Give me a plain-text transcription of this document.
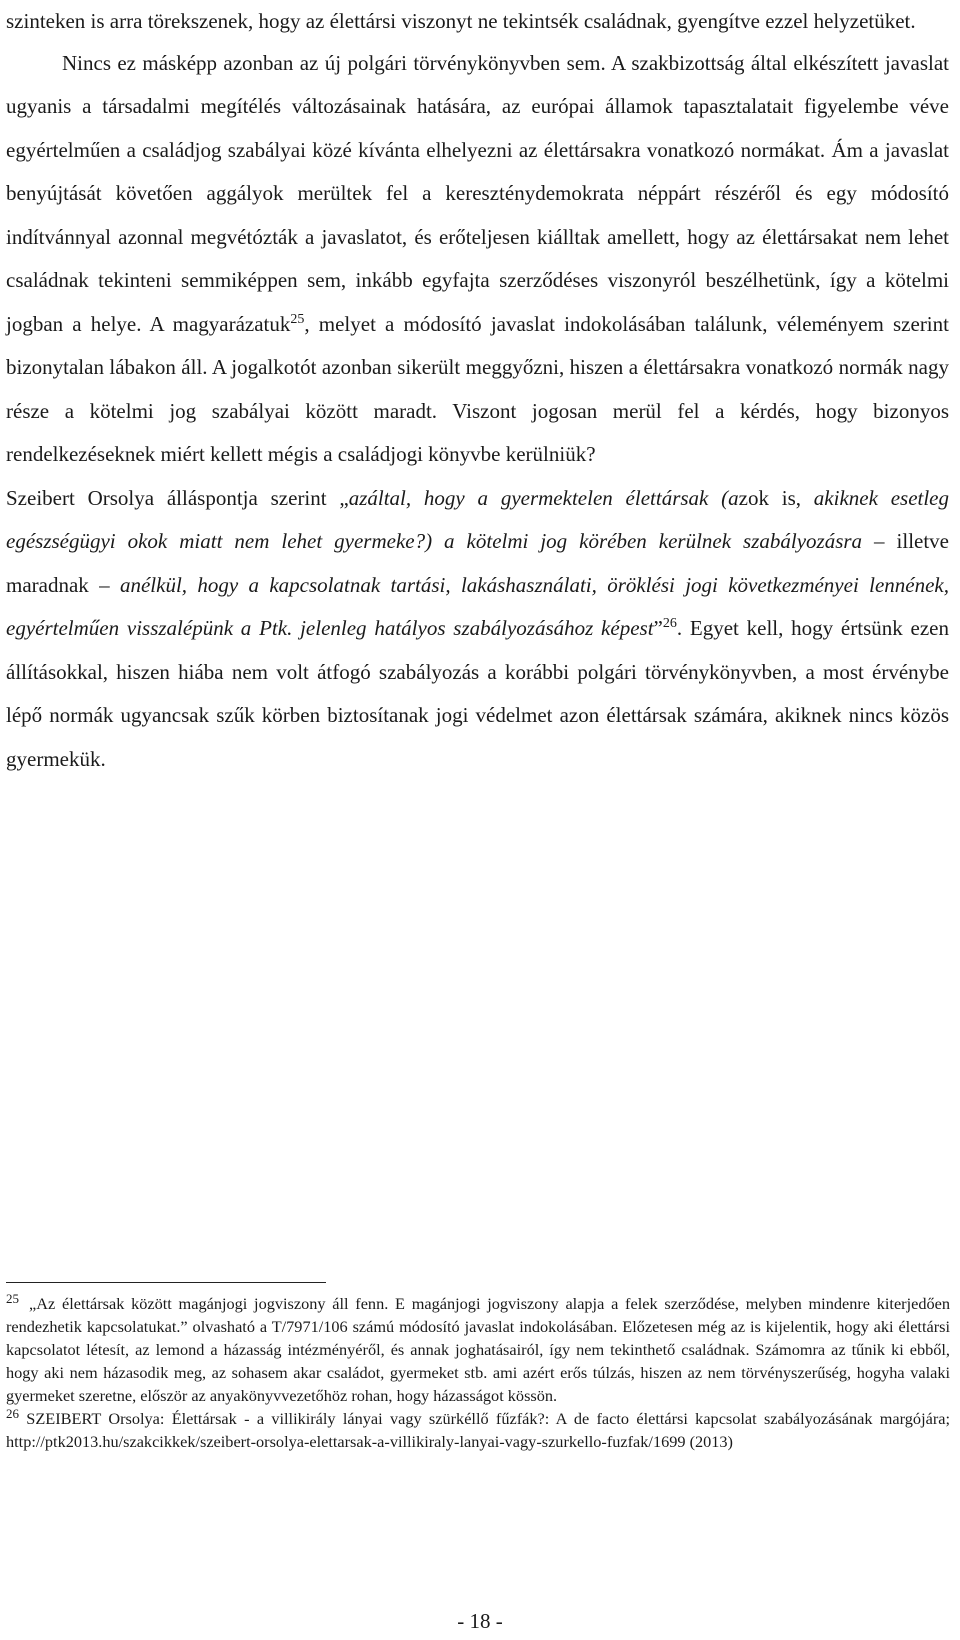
szinteken is arra törekszenek, hogy az élettársi viszonyt ne tekintsék családnak, gyengítve ezzel helyzetüket.

Nincs ez másképp azonban az új polgári törvénykönyvben sem. A szakbizottság által elkészített javaslat ugyanis a társadalmi megítélés változásainak hatására, az európai államok tapasztalatait figyelembe véve egyértelműen a családjog szabályai közé kívánta elhelyezni az élettársakra vonatkozó normákat. Ám a javaslat benyújtását követően aggályok merültek fel a kereszténydemokrata néppárt részéről és egy módosító indítvánnyal azonnal megvétózták a javaslatot, és erőteljesen kiálltak amellett, hogy az élettársakat nem lehet családnak tekinteni semmiképpen sem, inkább egyfajta szerződéses viszonyról beszélhetünk, így a kötelmi jogban a helye. A magyarázatuk$^{25}$, melyet a módosító javaslat indokolásában találunk, véleményem szerint bizonytalan lábakon áll. A jogalkotót azonban sikerült meggyőzni, hiszen a élettársakra vonatkozó normák nagy része a kötelmi jog szabályai között maradt. Viszont jogosan merül fel a kérdés, hogy bizonyos rendelkezéseknek miért kellett mégis a családjogi könyvbe kerülniük?

Szeibert Orsolya álláspontja szerint „azáltal, hogy a gyermektelen élettársak (azok is, akiknek esetleg egészségügyi okok miatt nem lehet gyermeke?) a kötelmi jog körében kerülnek szabályozásra – illetve maradnak – anélkül, hogy a kapcsolatnak tartási, lakáshasználati, öröklési jogi következményei lennének, egyértelműen visszalépünk a Ptk. jelenleg hatályos szabályozásához képest”$^{26}$. Egyet kell, hogy értsünk ezen állításokkal, hiszen hiába nem volt átfogó szabályozás a korábbi polgári törvénykönyvben, a most érvénybe lépő normák ugyancsak szűk körben biztosítanak jogi védelmet azon élettársak számára, akiknek nincs közös gyermekük.

$^{25}$ „Az élettársak között magánjogi jogviszony áll fenn. E magánjogi jogviszony alapja a felek szerződése, melyben mindenre kiterjedően rendezhetik kapcsolatukat.” olvasható a T/7971/106 számú módosító javaslat indokolásában. Előzetesen még az is kijelentik, hogy aki élettársi kapcsolatot létesít, az lemond a házasság intézményéről, és annak joghatásairól, így nem tekinthető családnak. Számomra az tűnik ki ebből, hogy aki nem házasodik meg, az sohasem akar családot, gyermeket stb. ami azért erős túlzás, hiszen az nem törvényszerűség, hogyha valaki gyermeket szeretne, először az anyakönyvvezetőhöz rohan, hogy házasságot kössön.

$^{26}$ SZEIBERT Orsolya: Élettársak - a villikirály lányai vagy szürkéllő fűzfák?: A de facto élettársi kapcsolat szabályozásának margójára; http://ptk2013.hu/szakcikkek/szeibert-orsolya-elettarsak-a-villikiraly-lanyai-vagy-szurkello-fuzfak/1699 (2013)

- 18 -
